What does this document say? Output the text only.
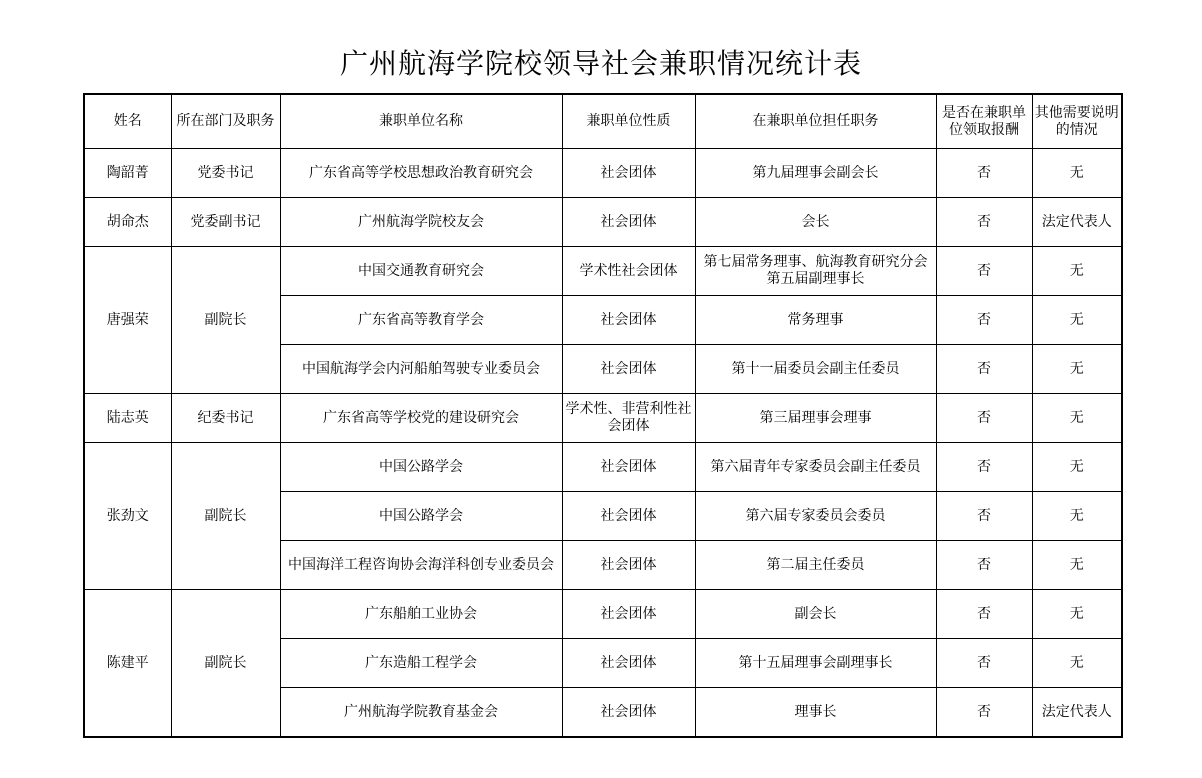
广州航海学院校领导社会兼职情况统计表
姓名	所在部门及职务	兼职单位名称	兼职单位性质	在兼职单位担任职务	是否在兼职单位领取报酬	其他需要说明的情况
陶韶菁	党委书记	广东省高等学校思想政治教育研究会	社会团体	第九届理事会副会长	否	无
胡命杰	党委副书记	广州航海学院校友会	社会团体	会长	否	法定代表人
唐强荣	副院长	中国交通教育研究会	学术性社会团体	第七届常务理事、航海教育研究分会第五届副理事长	否	无
		广东省高等教育学会	社会团体	常务理事	否	无
		中国航海学会内河船舶驾驶专业委员会	社会团体	第十一届委员会副主任委员	否	无
陆志英	纪委书记	广东省高等学校党的建设研究会	学术性、非营利性社会团体	第三届理事会理事	否	无
张劲文	副院长	中国公路学会	社会团体	第六届青年专家委员会副主任委员	否	无
		中国公路学会	社会团体	第六届专家委员会委员	否	无
		中国海洋工程咨询协会海洋科创专业委员会	社会团体	第二届主任委员	否	无
陈建平	副院长	广东船舶工业协会	社会团体	副会长	否	无
		广东造船工程学会	社会团体	第十五届理事会副理事长	否	无
		广州航海学院教育基金会	社会团体	理事长	否	法定代表人
